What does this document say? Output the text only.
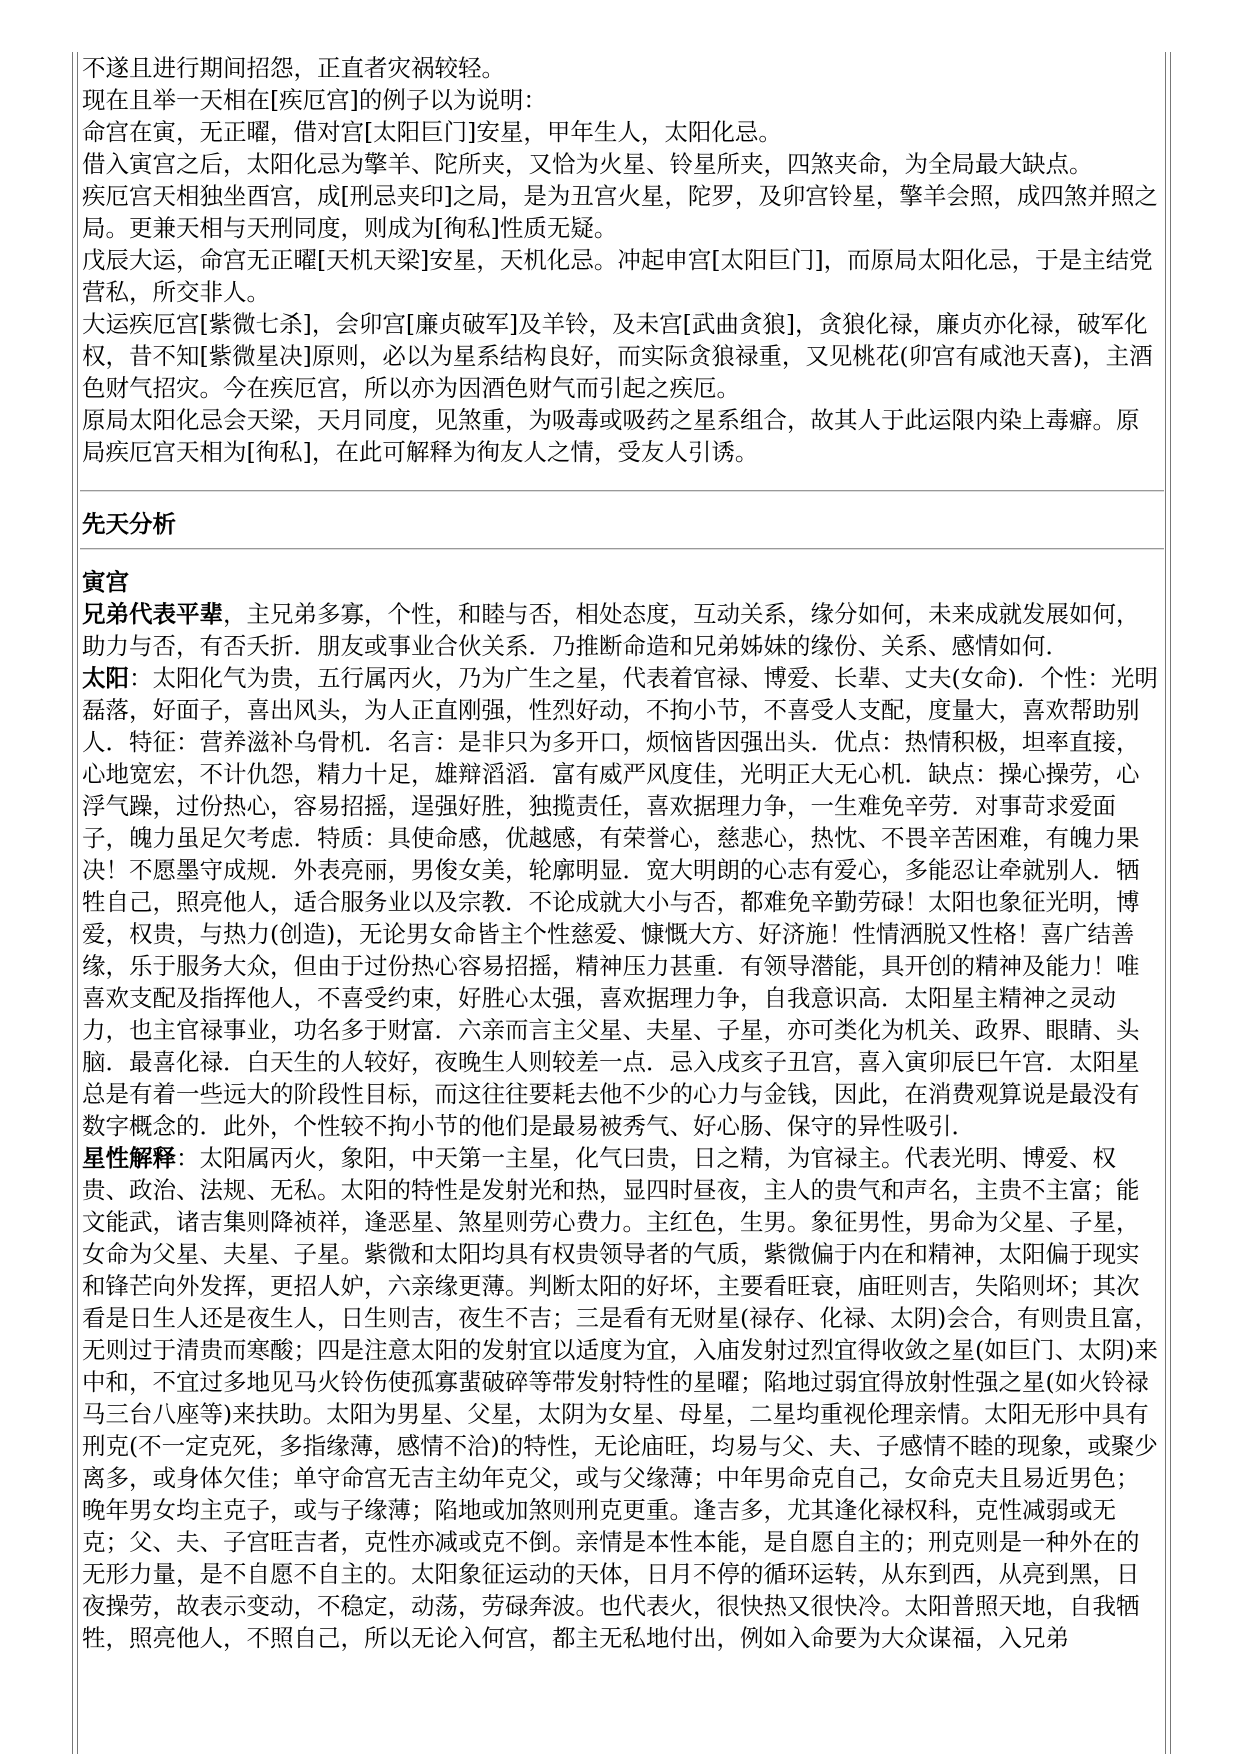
不遂且进行期间招怨，正直者灾祸较轻。

现在且举一天相在[疾厄宫]的例子以为说明：

命宫在寅，无正曜，借对宫[太阳巨门]安星，甲年生人，太阳化忌。

借入寅宫之后，太阳化忌为擎羊、陀所夹，又恰为火星、铃星所夹，四煞夹命，为全局最大缺点。

疾厄宫天相独坐酉宫，成[刑忌夹印]之局，是为丑宫火星，陀罗，及卯宫铃星，擎羊会照，成四煞并照之局。更兼天相与天刑同度，则成为[徇私]性质无疑。

戊辰大运，命宫无正曜[天机天梁]安星，天机化忌。冲起申宫[太阳巨门]，而原局太阳化忌，于是主结党营私，所交非人。

大运疾厄宫[紫微七杀]，会卯宫[廉贞破军]及羊铃，及未宫[武曲贪狼]，贪狼化禄，廉贞亦化禄，破军化权，昔不知[紫微星决]原则，必以为星系结构良好，而实际贪狼禄重，又见桃花(卯宫有咸池天喜)，主酒色财气招灾。今在疾厄宫，所以亦为因酒色财气而引起之疾厄。

原局太阳化忌会天梁，天月同度，见煞重，为吸毒或吸药之星系组合，故其人于此运限内染上毒癖。原局疾厄宫天相为[徇私]，在此可解释为徇友人之情，受友人引诱。

先天分析

寅宫

兄弟代表平辈，主兄弟多寡，个性，和睦与否，相处态度，互动关系，缘分如何，未来成就发展如何，助力与否，有否夭折．朋友或事业合伙关系．乃推断命造和兄弟姊妹的缘份、关系、感情如何．

太阳：太阳化气为贵，五行属丙火，乃为广生之星，代表着官禄、博爱、长辈、丈夫(女命)．个性：光明磊落，好面子，喜出风头，为人正直刚强，性烈好动，不拘小节，不喜受人支配，度量大，喜欢帮助别人．特征：营养滋补乌骨机．名言：是非只为多开口，烦恼皆因强出头．优点：热情积极，坦率直接，心地宽宏，不计仇怨，精力十足，雄辩滔滔．富有威严风度佳，光明正大无心机．缺点：操心操劳，心浮气躁，过份热心，容易招摇，逞强好胜，独揽责任，喜欢据理力争，一生难免辛劳．对事苛求爱面子，魄力虽足欠考虑．特质：具使命感，优越感，有荣誉心，慈悲心，热忱、不畏辛苦困难，有魄力果决！不愿墨守成规．外表亮丽，男俊女美，轮廓明显．宽大明朗的心志有爱心，多能忍让牵就别人．牺牲自己，照亮他人，适合服务业以及宗教．不论成就大小与否，都难免辛勤劳碌！太阳也象征光明，博爱，权贵，与热力(创造)，无论男女命皆主个性慈爱、慷慨大方、好济施！性情洒脱又性格！喜广结善缘，乐于服务大众，但由于过份热心容易招摇，精神压力甚重．有领导潜能，具开创的精神及能力！唯喜欢支配及指挥他人，不喜受约束，好胜心太强，喜欢据理力争，自我意识高．太阳星主精神之灵动力，也主官禄事业，功名多于财富．六亲而言主父星、夫星、子星，亦可类化为机关、政界、眼睛、头脑．最喜化禄．白天生的人较好，夜晚生人则较差一点．忌入戌亥子丑宫，喜入寅卯辰巳午宫．太阳星总是有着一些远大的阶段性目标，而这往往要耗去他不少的心力与金钱，因此，在消费观算说是最没有数字概念的．此外，个性较不拘小节的他们是最易被秀气、好心肠、保守的异性吸引．

星性解释：太阳属丙火，象阳，中天第一主星，化气曰贵，日之精，为官禄主。代表光明、博爱、权贵、政治、法规、无私。太阳的特性是发射光和热，显四时昼夜，主人的贵气和声名，主贵不主富；能文能武，诸吉集则降祯祥，逢恶星、煞星则劳心费力。主红色，生男。象征男性，男命为父星、子星，女命为父星、夫星、子星。紫微和太阳均具有权贵领导者的气质，紫微偏于内在和精神，太阳偏于现实和锋芒向外发挥，更招人妒，六亲缘更薄。判断太阳的好坏，主要看旺衰，庙旺则吉，失陷则坏；其次看是日生人还是夜生人，日生则吉，夜生不吉；三是看有无财星(禄存、化禄、太阴)会合，有则贵且富，无则过于清贵而寒酸；四是注意太阳的发射宜以适度为宜，入庙发射过烈宜得收敛之星(如巨门、太阴)来中和，不宜过多地见马火铃伤使孤寡蜚破碎等带发射特性的星曜；陷地过弱宜得放射性强之星(如火铃禄马三台八座等)来扶助。太阳为男星、父星，太阴为女星、母星，二星均重视伦理亲情。太阳无形中具有刑克(不一定克死，多指缘薄，感情不洽)的特性，无论庙旺，均易与父、夫、子感情不睦的现象，或聚少离多，或身体欠佳；单守命宫无吉主幼年克父，或与父缘薄；中年男命克自己，女命克夫且易近男色；晚年男女均主克子，或与子缘薄；陷地或加煞则刑克更重。逢吉多，尤其逢化禄权科，克性减弱或无克；父、夫、子宫旺吉者，克性亦减或克不倒。亲情是本性本能，是自愿自主的；刑克则是一种外在的无形力量，是不自愿不自主的。太阳象征运动的天体，日月不停的循环运转，从东到西，从亮到黑，日夜操劳，故表示变动，不稳定，动荡，劳碌奔波。也代表火，很快热又很快冷。太阳普照天地，自我牺牲，照亮他人，不照自己，所以无论入何宫，都主无私地付出，例如入命要为大众谋福，入兄弟
